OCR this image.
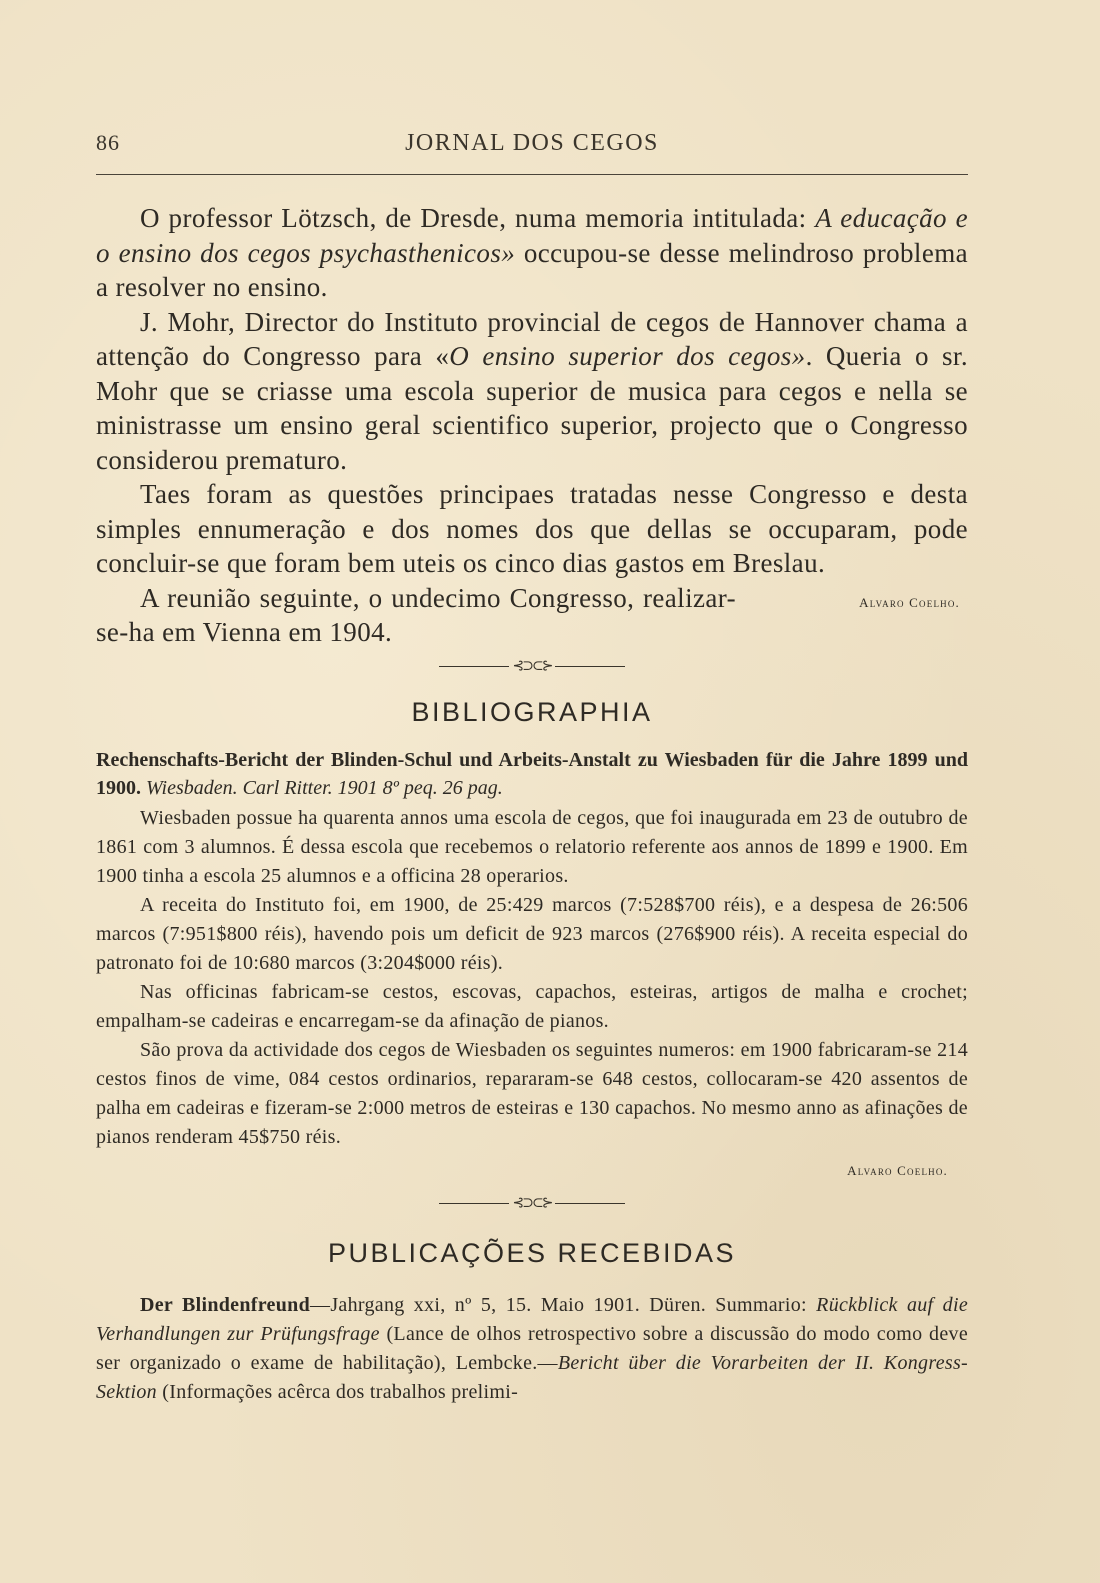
86	JORNAL DOS CEGOS

O professor Lötzsch, de Dresde, numa memoria intitulada: A educação e o ensino dos cegos psychasthenicos» occupou-se desse melindroso problema a resolver no ensino.

J. Mohr, Director do Instituto provincial de cegos de Hannover chama a attenção do Congresso para «O ensino superior dos cegos». Queria o sr. Mohr que se criasse uma escola superior de musica para cegos e nella se ministrasse um ensino geral scientifico superior, projecto que o Congresso considerou prematuro.

Taes foram as questões principaes tratadas nesse Congresso e desta simples ennumeração e dos nomes dos que dellas se occuparam, pode concluir-se que foram bem uteis os cinco dias gastos em Breslau.

A reunião seguinte, o undecimo Congresso, realizar-se-ha em Vienna em 1904.

Alvaro Coelho.
⊰⊃⊂⊱
BIBLIOGRAPHIA

Rechenschafts-Bericht der Blinden-Schul und Arbeits-Anstalt zu Wiesbaden für die Jahre 1899 und 1900. Wiesbaden. Carl Ritter. 1901 8º peq. 26 pag.

Wiesbaden possue ha quarenta annos uma escola de cegos, que foi inaugurada em 23 de outubro de 1861 com 3 alumnos. É dessa escola que recebemos o relatorio referente aos annos de 1899 e 1900. Em 1900 tinha a escola 25 alumnos e a officina 28 operarios.

A receita do Instituto foi, em 1900, de 25:429 marcos (7:528$700 réis), e a despesa de 26:506 marcos (7:951$800 réis), havendo pois um deficit de 923 marcos (276$900 réis). A receita especial do patronato foi de 10:680 marcos (3:204$000 réis).

Nas officinas fabricam-se cestos, escovas, capachos, esteiras, artigos de malha e crochet; empalham-se cadeiras e encarregam-se da afinação de pianos.

São prova da actividade dos cegos de Wiesbaden os seguintes numeros: em 1900 fabricaram-se 214 cestos finos de vime, 084 cestos ordinarios, repararam-se 648 cestos, collocaram-se 420 assentos de palha em cadeiras e fizeram-se 2:000 metros de esteiras e 130 capachos. No mesmo anno as afinações de pianos renderam 45$750 réis.

Alvaro Coelho.
⊰⊃⊂⊱
PUBLICAÇÕES RECEBIDAS

Der Blindenfreund—Jahrgang xxi, nº 5, 15. Maio 1901. Düren. Summario: Rückblick auf die Verhandlungen zur Prüfungsfrage (Lance de olhos retrospectivo sobre a discussão do modo como deve ser organizado o exame de habilitação), Lembcke.—Bericht über die Vorarbeiten der II. Kongress-Sektion (Informações acêrca dos trabalhos prelimi-
